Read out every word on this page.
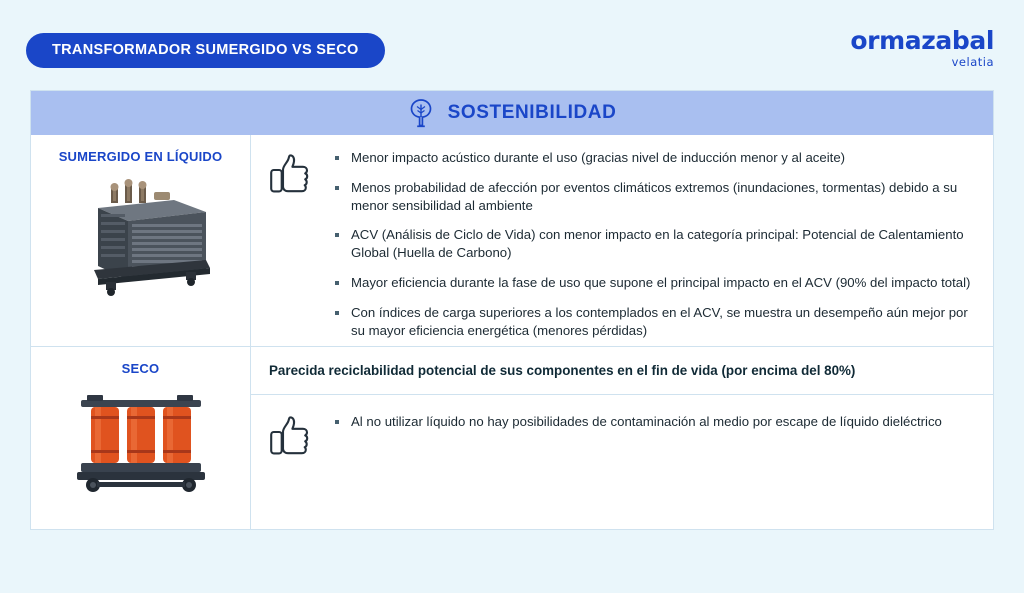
TRANSFORMADOR SUMERGIDO VS SECO	ormazabal
velatia
SOSTENIBILIDAD
SUMERGIDO EN LÍQUIDO
SECO
Menor impacto acústico durante el uso (gracias nivel de inducción menor y al aceite)
Menos probabilidad de afección por eventos climáticos extremos (inundaciones, tormentas) debido a su menor sensibilidad al ambiente
ACV (Análisis de Ciclo de Vida) con menor impacto en la categoría principal: Potencial de Calentamiento Global (Huella de Carbono)
Mayor eficiencia durante la fase de uso que supone el principal impacto en el ACV (90% del impacto total)
Con índices de carga superiores a los contemplados en el ACV, se muestra un desempeño aún mejor por su mayor eficiencia energética (menores pérdidas)
Parecida reciclabilidad potencial de sus componentes en el fin de vida (por encima del 80%)
Al no utilizar líquido no hay posibilidades de contaminación al medio por escape de líquido dieléctrico
